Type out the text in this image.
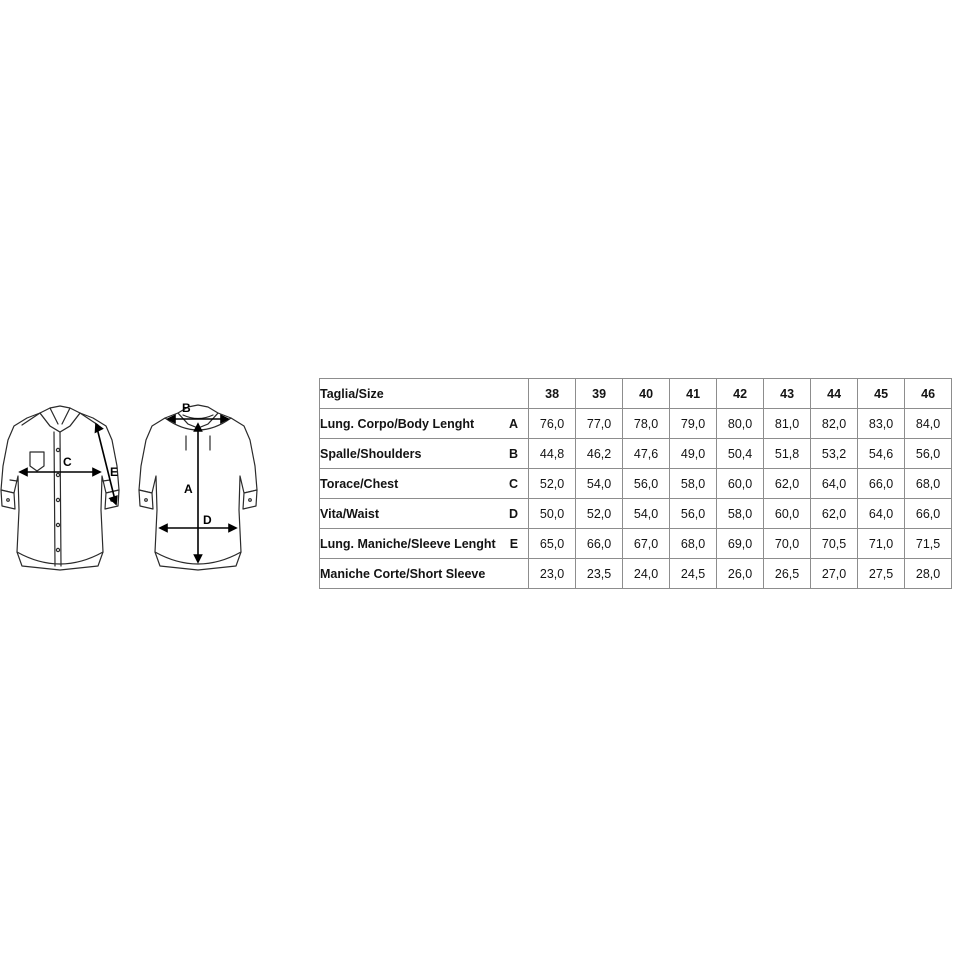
C
E
B
A
D
Taglia/Size	38	39	40	41	42	43	44	45	46

Lung. Corpo/Body Lenght A	76,0	77,0	78,0	79,0	80,0	81,0	82,0	83,0	84,0

Spalle/Shoulders B	44,8	46,2	47,6	49,0	50,4	51,8	53,2	54,6	56,0

Torace/Chest C	52,0	54,0	56,0	58,0	60,0	62,0	64,0	66,0	68,0

Vita/Waist D	50,0	52,0	54,0	56,0	58,0	60,0	62,0	64,0	66,0

Lung. Maniche/Sleeve Lenght E	65,0	66,0	67,0	68,0	69,0	70,0	70,5	71,0	71,5

Maniche Corte/Short Sleeve	23,0	23,5	24,0	24,5	26,0	26,5	27,0	27,5	28,0
